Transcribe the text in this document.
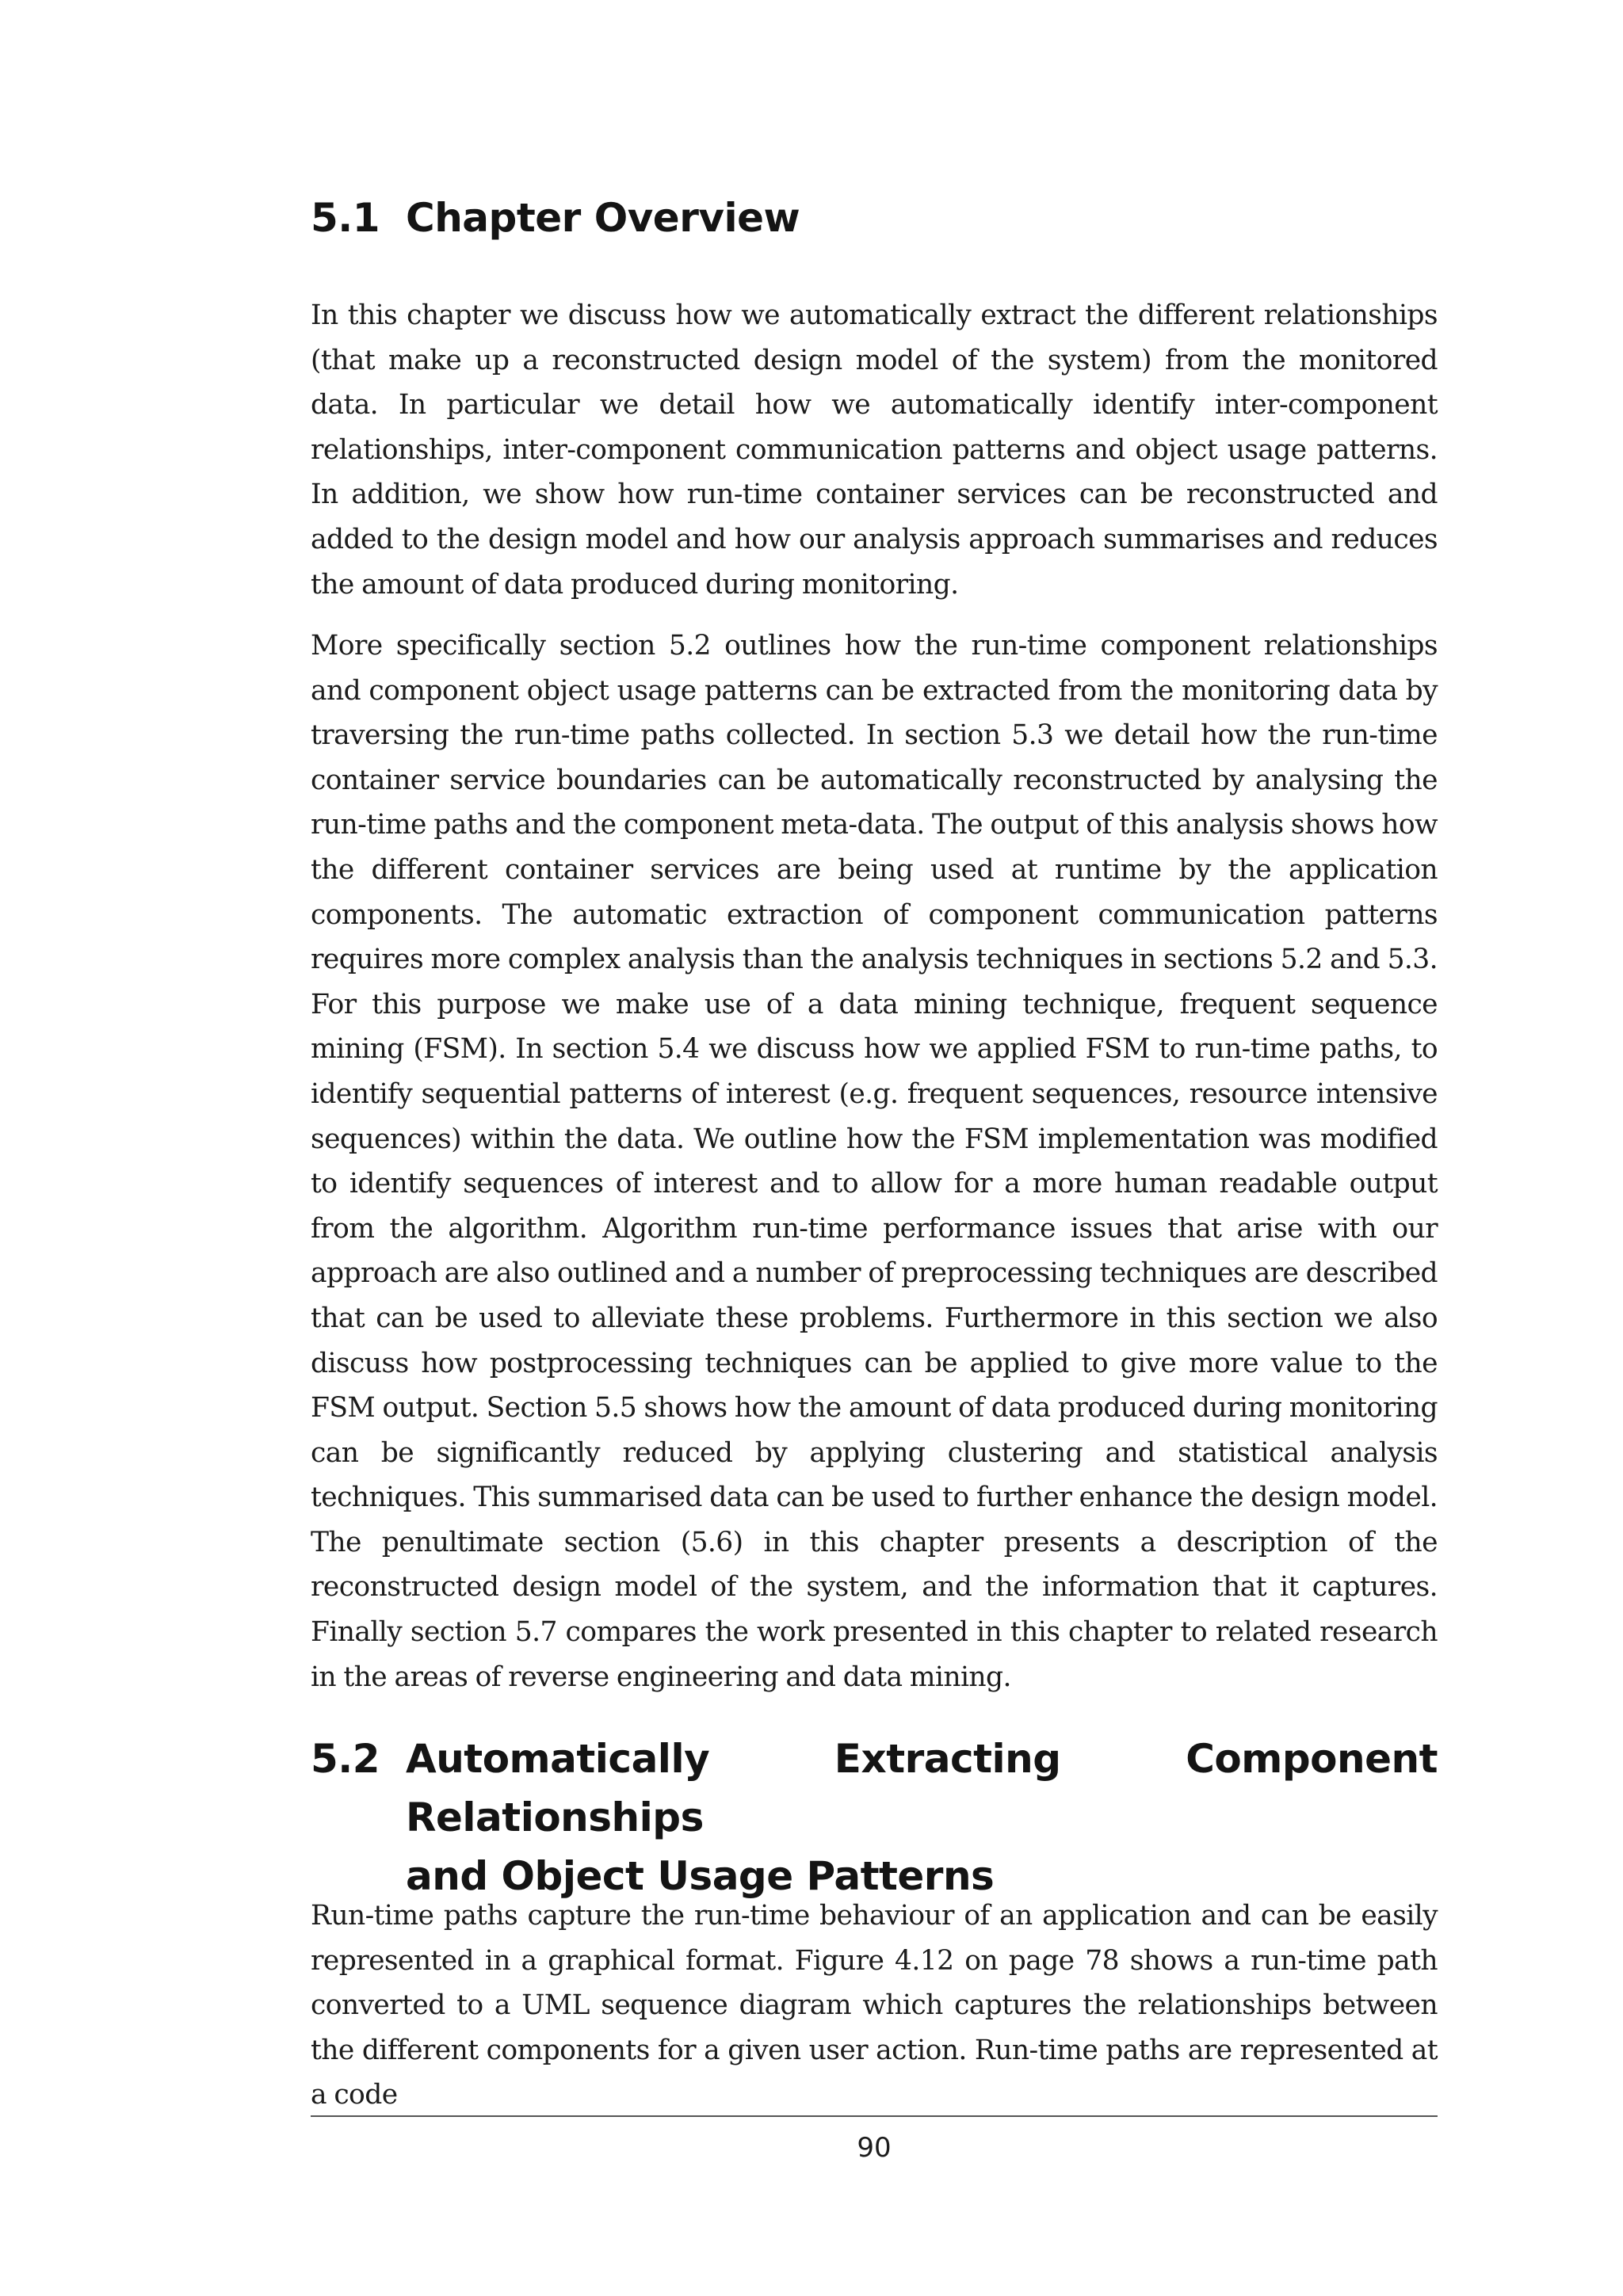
5.1 Chapter Overview

In this chapter we discuss how we automatically extract the different relationships (that make up a reconstructed design model of the system) from the monitored data. In particular we detail how we automatically identify inter-component relationships, inter-component communication patterns and object usage patterns. In addition, we show how run-time container services can be reconstructed and added to the design model and how our analysis approach summarises and reduces the amount of data produced during monitoring.

More specifically section 5.2 outlines how the run-time component relationships and component object usage patterns can be extracted from the monitoring data by traversing the run-time paths collected. In section 5.3 we detail how the run-time container service boundaries can be automatically reconstructed by analysing the run-time paths and the component meta-data. The output of this analysis shows how the different container services are being used at runtime by the application components. The automatic extraction of component communication patterns requires more complex analysis than the analysis techniques in sections 5.2 and 5.3. For this purpose we make use of a data mining technique, frequent sequence mining (FSM). In section 5.4 we discuss how we applied FSM to run-time paths, to identify sequential patterns of interest (e.g. frequent sequences, resource intensive sequences) within the data. We outline how the FSM implementation was modified to identify sequences of interest and to allow for a more human readable output from the algorithm. Algorithm run-time performance issues that arise with our approach are also outlined and a number of preprocessing techniques are described that can be used to alleviate these problems. Furthermore in this section we also discuss how postprocessing techniques can be applied to give more value to the FSM output. Section 5.5 shows how the amount of data produced during monitoring can be significantly reduced by applying clustering and statistical analysis techniques. This summarised data can be used to further enhance the design model. The penultimate section (5.6) in this chapter presents a description of the reconstructed design model of the system, and the information that it captures. Finally section 5.7 compares the work presented in this chapter to related research in the areas of reverse engineering and data mining.

5.2 Automatically Extracting Component Relationships
and Object Usage Patterns

Run-time paths capture the run-time behaviour of an application and can be easily represented in a graphical format. Figure 4.12 on page 78 shows a run-time path converted to a UML sequence diagram which captures the relationships between the different components for a given user action. Run-time paths are represented at a code

90
